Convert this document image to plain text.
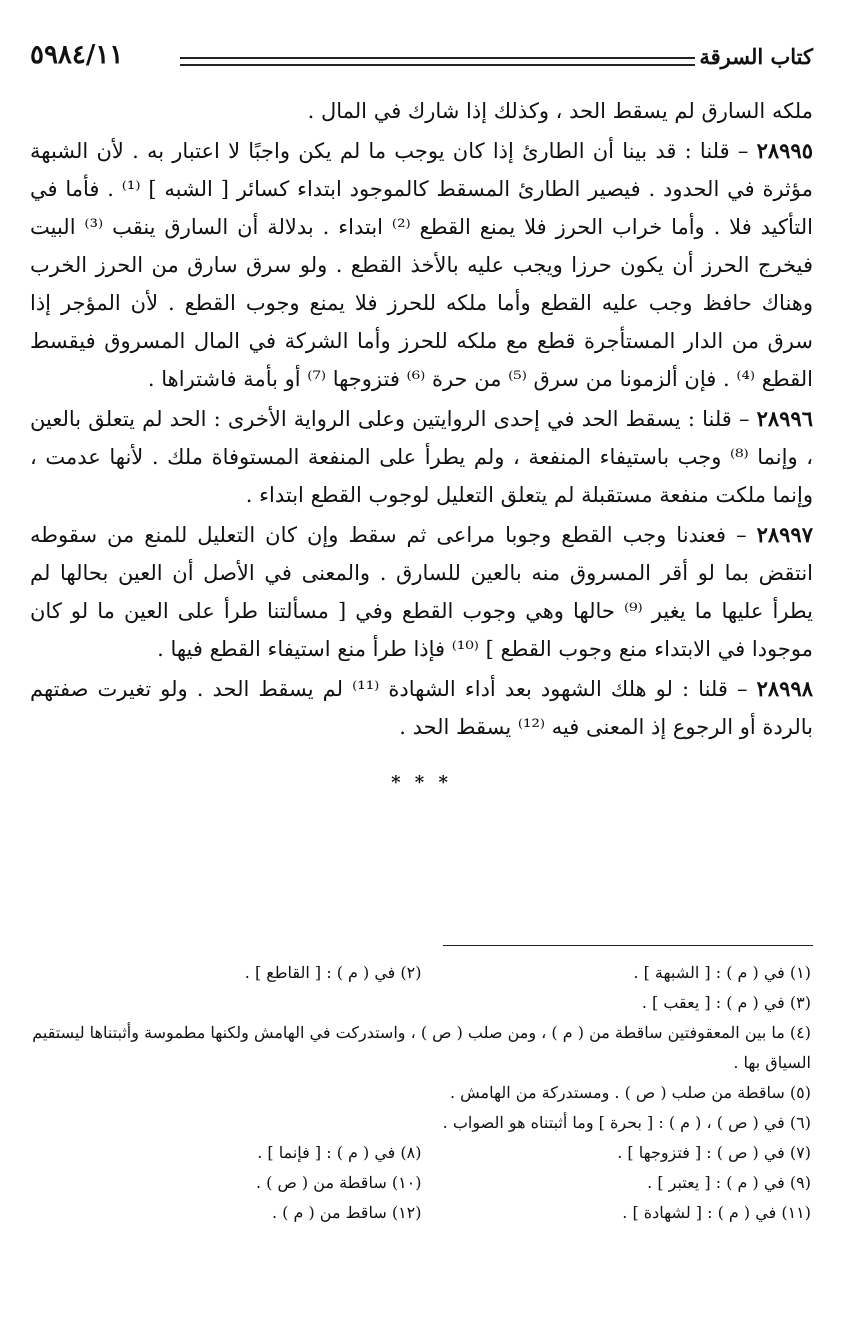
كتاب السرقة
٥٩٨٤/١١

ملكه السارق لم يسقط الحد ، وكذلك إذا شارك في المال .

٢٨٩٩٥ – قلنا : قد بينا أن الطارئ إذا كان يوجب ما لم يكن واجبًا لا اعتبار به . لأن الشبهة مؤثرة في الحدود . فيصير الطارئ المسقط كالموجود ابتداء كسائر [ الشبه ] ⁽¹⁾ . فأما في التأكيد فلا . وأما خراب الحرز فلا يمنع القطع ⁽²⁾ ابتداء . بدلالة أن السارق ينقب ⁽³⁾ البيت فيخرج الحرز أن يكون حرزا ويجب عليه بالأخذ القطع . ولو سرق سارق من الحرز الخرب وهناك حافظ وجب عليه القطع وأما ملكه للحرز فلا يمنع وجوب القطع . لأن المؤجر إذا سرق من الدار المستأجرة قطع مع ملكه للحرز وأما الشركة في المال المسروق فيقسط القطع ⁽⁴⁾ . فإن ألزمونا من سرق ⁽⁵⁾ من حرة ⁽⁶⁾ فتزوجها ⁽⁷⁾ أو بأمة فاشتراها .

٢٨٩٩٦ – قلنا : يسقط الحد في إحدى الروايتين وعلى الرواية الأخرى : الحد لم يتعلق بالعين ، وإنما ⁽⁸⁾ وجب باستيفاء المنفعة ، ولم يطرأ على المنفعة المستوفاة ملك . لأنها عدمت ، وإنما ملكت منفعة مستقبلة لم يتعلق التعليل لوجوب القطع ابتداء .

٢٨٩٩٧ – فعندنا وجب القطع وجوبا مراعى ثم سقط وإن كان التعليل للمنع من سقوطه انتقض بما لو أقر المسروق منه بالعين للسارق . والمعنى في الأصل أن العين بحالها لم يطرأ عليها ما يغير ⁽⁹⁾ حالها وهي وجوب القطع وفي [ مسألتنا طرأ على العين ما لو كان موجودا في الابتداء منع وجوب القطع ] ⁽¹⁰⁾ فإذا طرأ منع استيفاء القطع فيها .

٢٨٩٩٨ – قلنا : لو هلك الشهود بعد أداء الشهادة ⁽¹¹⁾ لم يسقط الحد . ولو تغيرت صفتهم بالردة أو الرجوع إذ المعنى فيه ⁽¹²⁾ يسقط الحد .

* * *
(١) في ( م ) : [ الشبهة ] .
(٢) في ( م ) : [ القاطع ] .
(٣) في ( م ) : [ يعقب ] .
(٤) ما بين المعقوفتين ساقطة من ( م ) ، ومن صلب ( ص ) ، واستدركت في الهامش ولكنها مطموسة وأثبتناها ليستقيم السياق بها .
(٥) ساقطة من صلب ( ص ) . ومستدركة من الهامش .
(٦) في ( ص ) ، ( م ) : [ بحرة ] وما أثبتناه هو الصواب .
(٧) في ( ص ) : [ فتزوجها ] .
(٨) في ( م ) : [ فإنما ] .
(٩) في ( م ) : [ يعتبر ] .
(١٠) ساقطة من ( ص ) .
(١١) في ( م ) : [ لشهادة ] .
(١٢) ساقط من ( م ) .
